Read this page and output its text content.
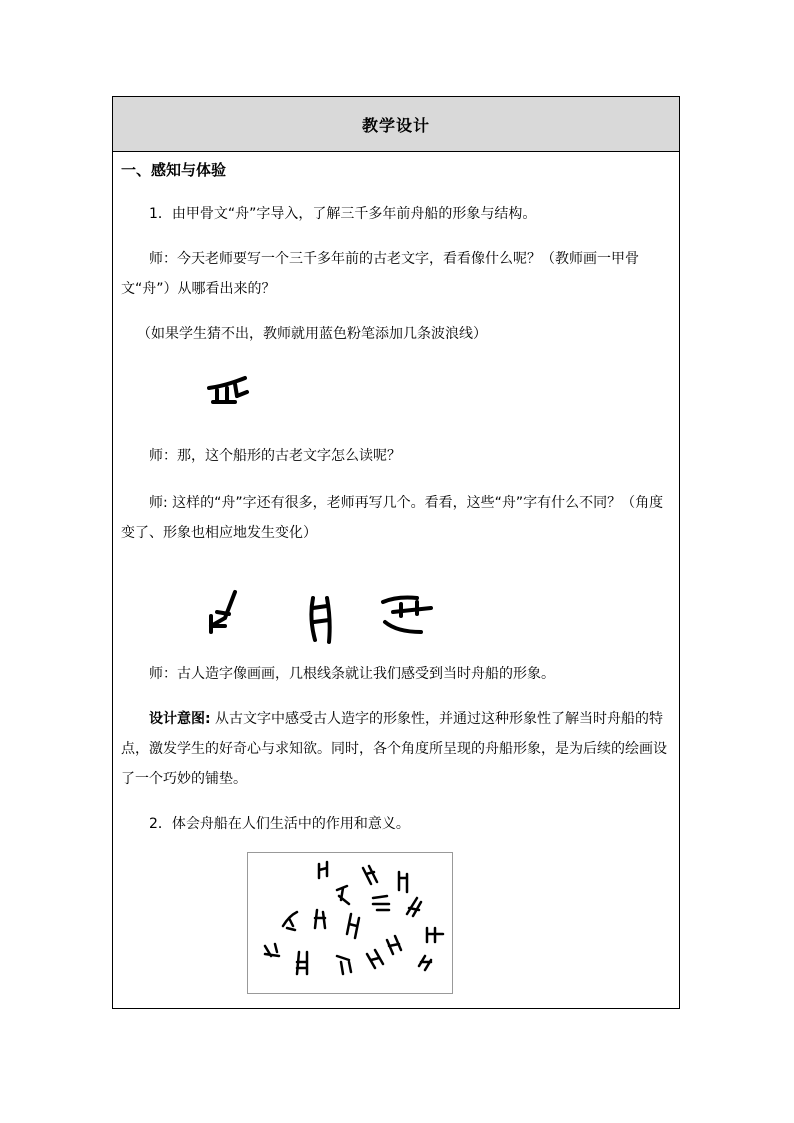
教学设计
一、感知与体验
1．由甲骨文“舟”字导入，了解三千多年前舟船的形象与结构。
师：今天老师要写一个三千多年前的古老文字，看看像什么呢？（教师画一甲骨文“舟”）从哪看出来的？
（如果学生猜不出，教师就用蓝色粉笔添加几条波浪线）
师：那，这个船形的古老文字怎么读呢？
师: 这样的“舟”字还有很多，老师再写几个。看看，这些“舟”字有什么不同？（角度变了、形象也相应地发生变化）
师：古人造字像画画，几根线条就让我们感受到当时舟船的形象。
设计意图: 从古文字中感受古人造字的形象性，并通过这种形象性了解当时舟船的特点，激发学生的好奇心与求知欲。同时，各个角度所呈现的舟船形象，是为后续的绘画设了一个巧妙的铺垫。
2．体会舟船在人们生活中的作用和意义。
